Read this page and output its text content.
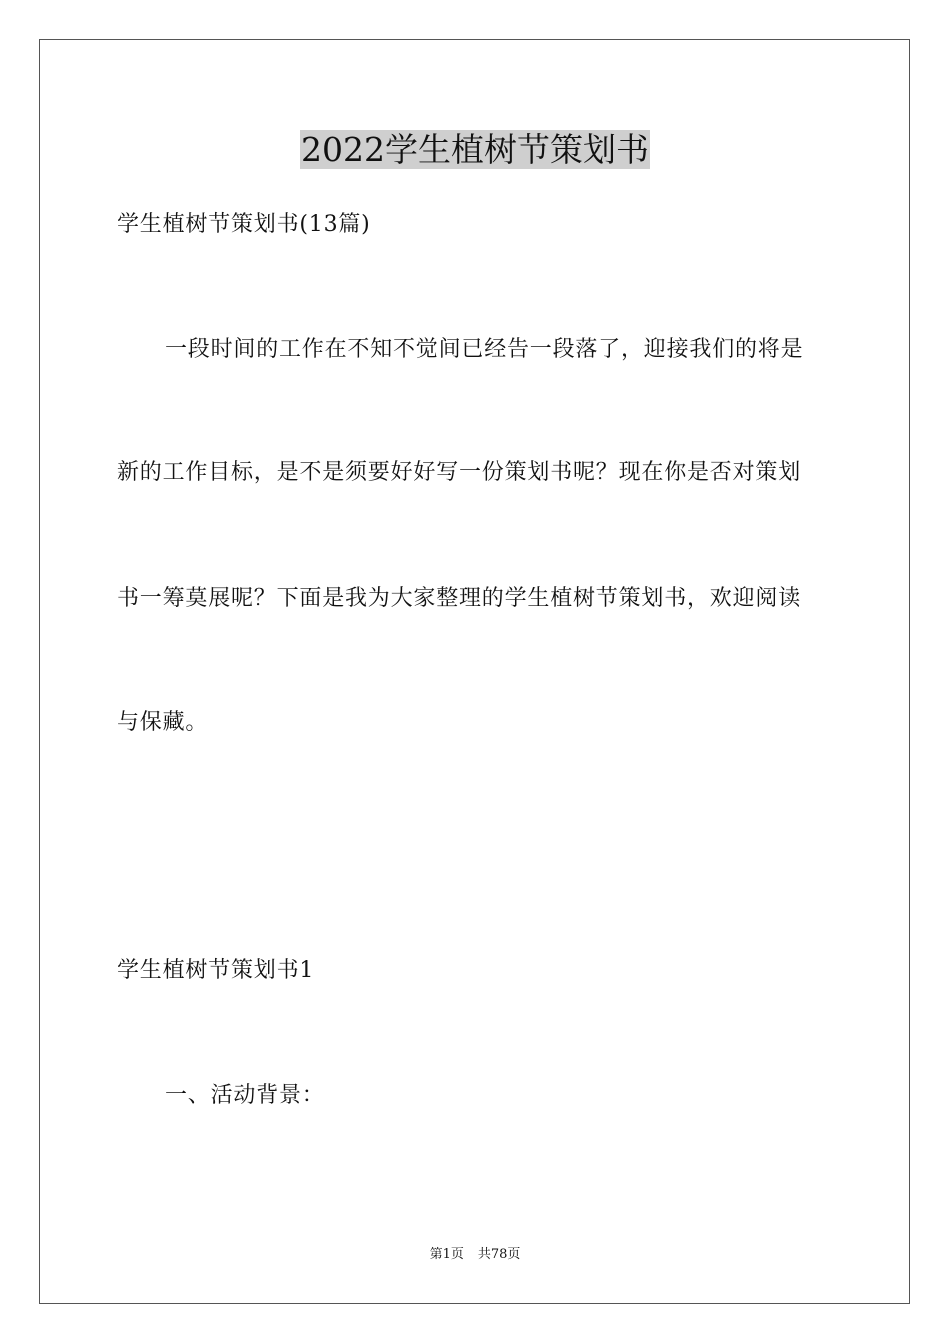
2022学生植树节策划书
学生植树节策划书(13篇)
一段时间的工作在不知不觉间已经告一段落了，迎接我们的将是
新的工作目标，是不是须要好好写一份策划书呢？现在你是否对策划
书一筹莫展呢？下面是我为大家整理的学生植树节策划书，欢迎阅读
与保藏。
学生植树节策划书1
一、活动背景：
第1页 共78页
